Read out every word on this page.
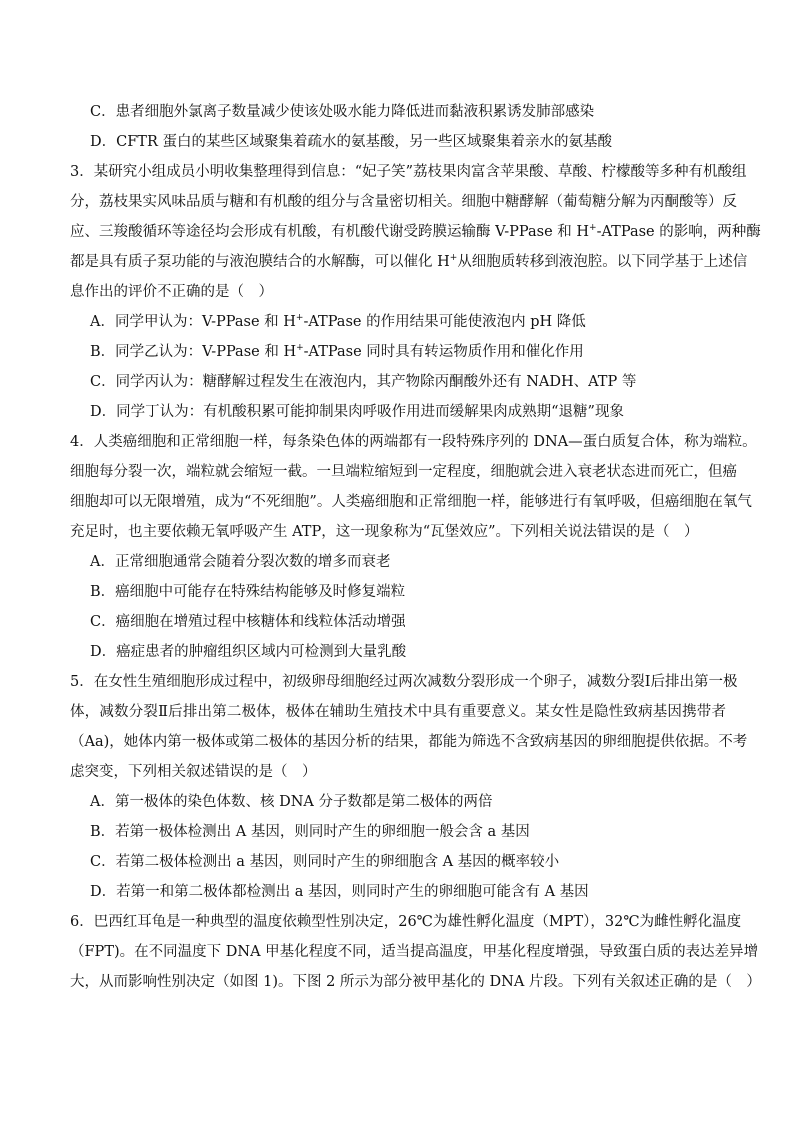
C．患者细胞外氯离子数量减少使该处吸水能力降低进而黏液积累诱发肺部感染

D．CFTR 蛋白的某些区域聚集着疏水的氨基酸，另一些区域聚集着亲水的氨基酸

3．某研究小组成员小明收集整理得到信息：“妃子笑”荔枝果肉富含苹果酸、草酸、柠檬酸等多种有机酸组

分，荔枝果实风味品质与糖和有机酸的组分与含量密切相关。细胞中糖酵解（葡萄糖分解为丙酮酸等）反

应、三羧酸循环等途径均会形成有机酸，有机酸代谢受跨膜运输酶 V-PPase 和 H+-ATPase 的影响，两种酶

都是具有质子泵功能的与液泡膜结合的水解酶，可以催化 H+从细胞质转移到液泡腔。以下同学基于上述信

息作出的评价不正确的是（　）

A．同学甲认为：V-PPase 和 H+-ATPase 的作用结果可能使液泡内 pH 降低

B．同学乙认为：V-PPase 和 H+-ATPase 同时具有转运物质作用和催化作用

C．同学丙认为：糖酵解过程发生在液泡内，其产物除丙酮酸外还有 NADH、ATP 等

D．同学丁认为：有机酸积累可能抑制果肉呼吸作用进而缓解果肉成熟期“退糖”现象

4．人类癌细胞和正常细胞一样，每条染色体的两端都有一段特殊序列的 DNA—蛋白质复合体，称为端粒。

细胞每分裂一次，端粒就会缩短一截。一旦端粒缩短到一定程度，细胞就会进入衰老状态进而死亡，但癌

细胞却可以无限增殖，成为“不死细胞”。人类癌细胞和正常细胞一样，能够进行有氧呼吸，但癌细胞在氧气

充足时，也主要依赖无氧呼吸产生 ATP，这一现象称为“瓦堡效应”。下列相关说法错误的是（　）

A．正常细胞通常会随着分裂次数的增多而衰老

B．癌细胞中可能存在特殊结构能够及时修复端粒

C．癌细胞在增殖过程中核糖体和线粒体活动增强

D．癌症患者的肿瘤组织区域内可检测到大量乳酸

5．在女性生殖细胞形成过程中，初级卵母细胞经过两次减数分裂形成一个卵子，减数分裂Ⅰ后排出第一极

体，减数分裂Ⅱ后排出第二极体，极体在辅助生殖技术中具有重要意义。某女性是隐性致病基因携带者

（Aa)，她体内第一极体或第二极体的基因分析的结果，都能为筛选不含致病基因的卵细胞提供依据。不考

虑突变，下列相关叙述错误的是（　）

A．第一极体的染色体数、核 DNA 分子数都是第二极体的两倍

B．若第一极体检测出 A 基因，则同时产生的卵细胞一般会含 a 基因

C．若第二极体检测出 a 基因，则同时产生的卵细胞含 A 基因的概率较小

D．若第一和第二极体都检测出 a 基因，则同时产生的卵细胞可能含有 A 基因

6．巴西红耳龟是一种典型的温度依赖型性别决定，26℃为雄性孵化温度（MPT），32℃为雌性孵化温度

（FPT)。在不同温度下 DNA 甲基化程度不同，适当提高温度，甲基化程度增强，导致蛋白质的表达差异增

大，从而影响性别决定（如图 1)。下图 2 所示为部分被甲基化的 DNA 片段。下列有关叙述正确的是（　）
